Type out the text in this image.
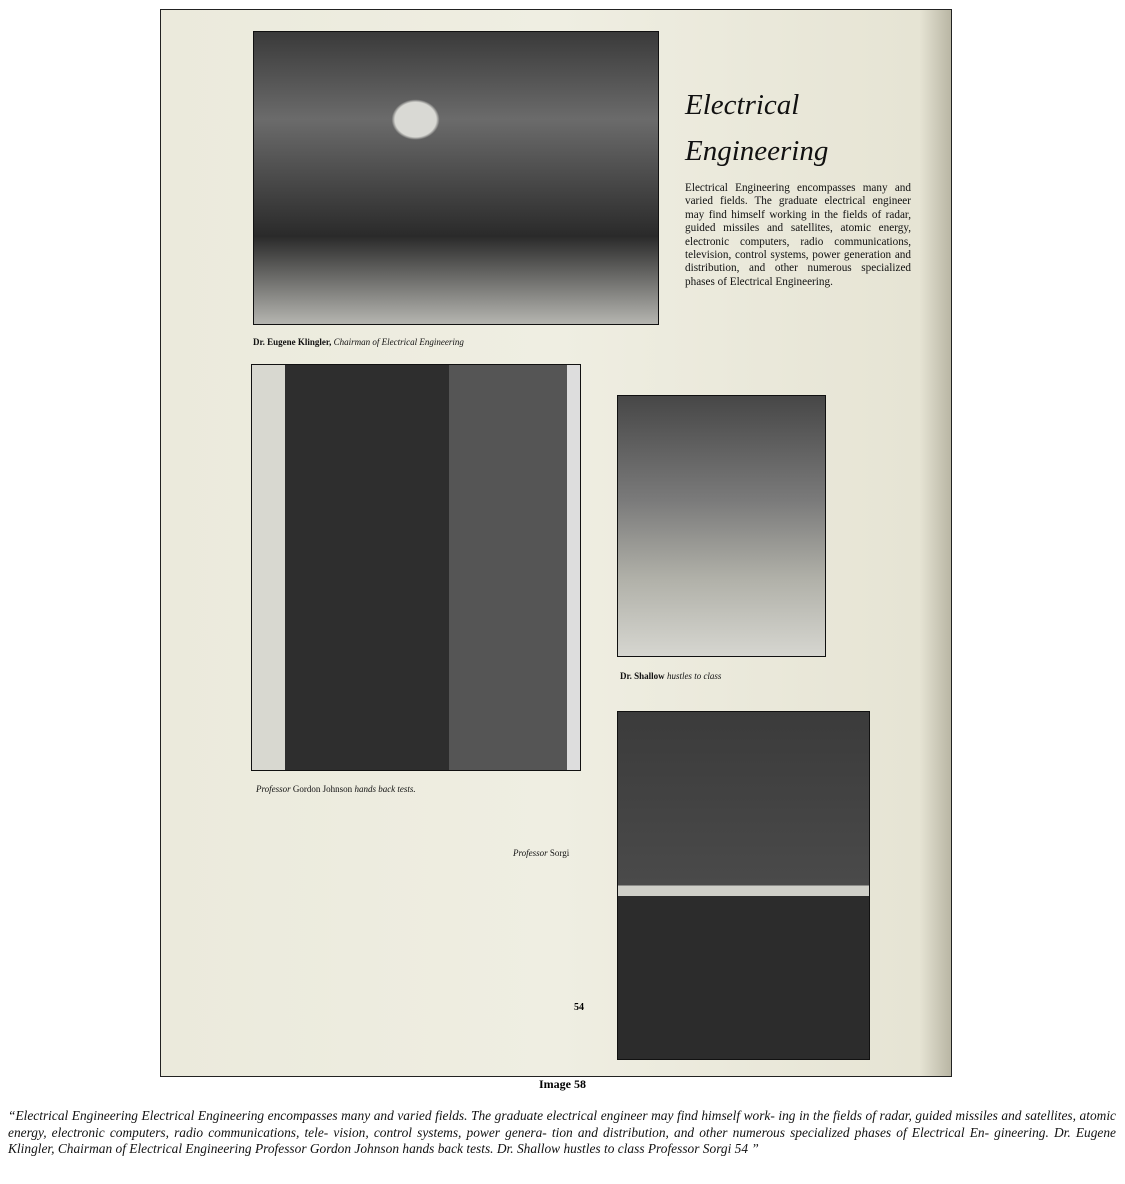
Dr. Eugene Klingler, Chairman of Electrical Engineering
Electrical
Engineering
Electrical Engineering encompasses many and varied fields. The graduate electrical engineer may find himself working in the fields of radar, guided missiles and satellites, atomic energy, electronic computers, radio communications, television, control systems, power generation and distribution, and other numerous specialized phases of Electrical Engineering.
Professor Gordon Johnson hands back tests.
Dr. Shallow hustles to class
Professor Sorgi
54
Image 58
“Electrical Engineering Electrical Engineering encompasses many and varied fields. The graduate electrical engineer may find himself work- ing in the fields of radar, guided missiles and satellites, atomic energy, electronic computers, radio communications, tele- vision, control systems, power genera- tion and distribution, and other numerous specialized phases of Electrical En- gineering. Dr. Eugene Klingler, Chairman of Electrical Engineering Professor Gordon Johnson hands back tests. Dr. Shallow hustles to class Professor Sorgi 54 ”
